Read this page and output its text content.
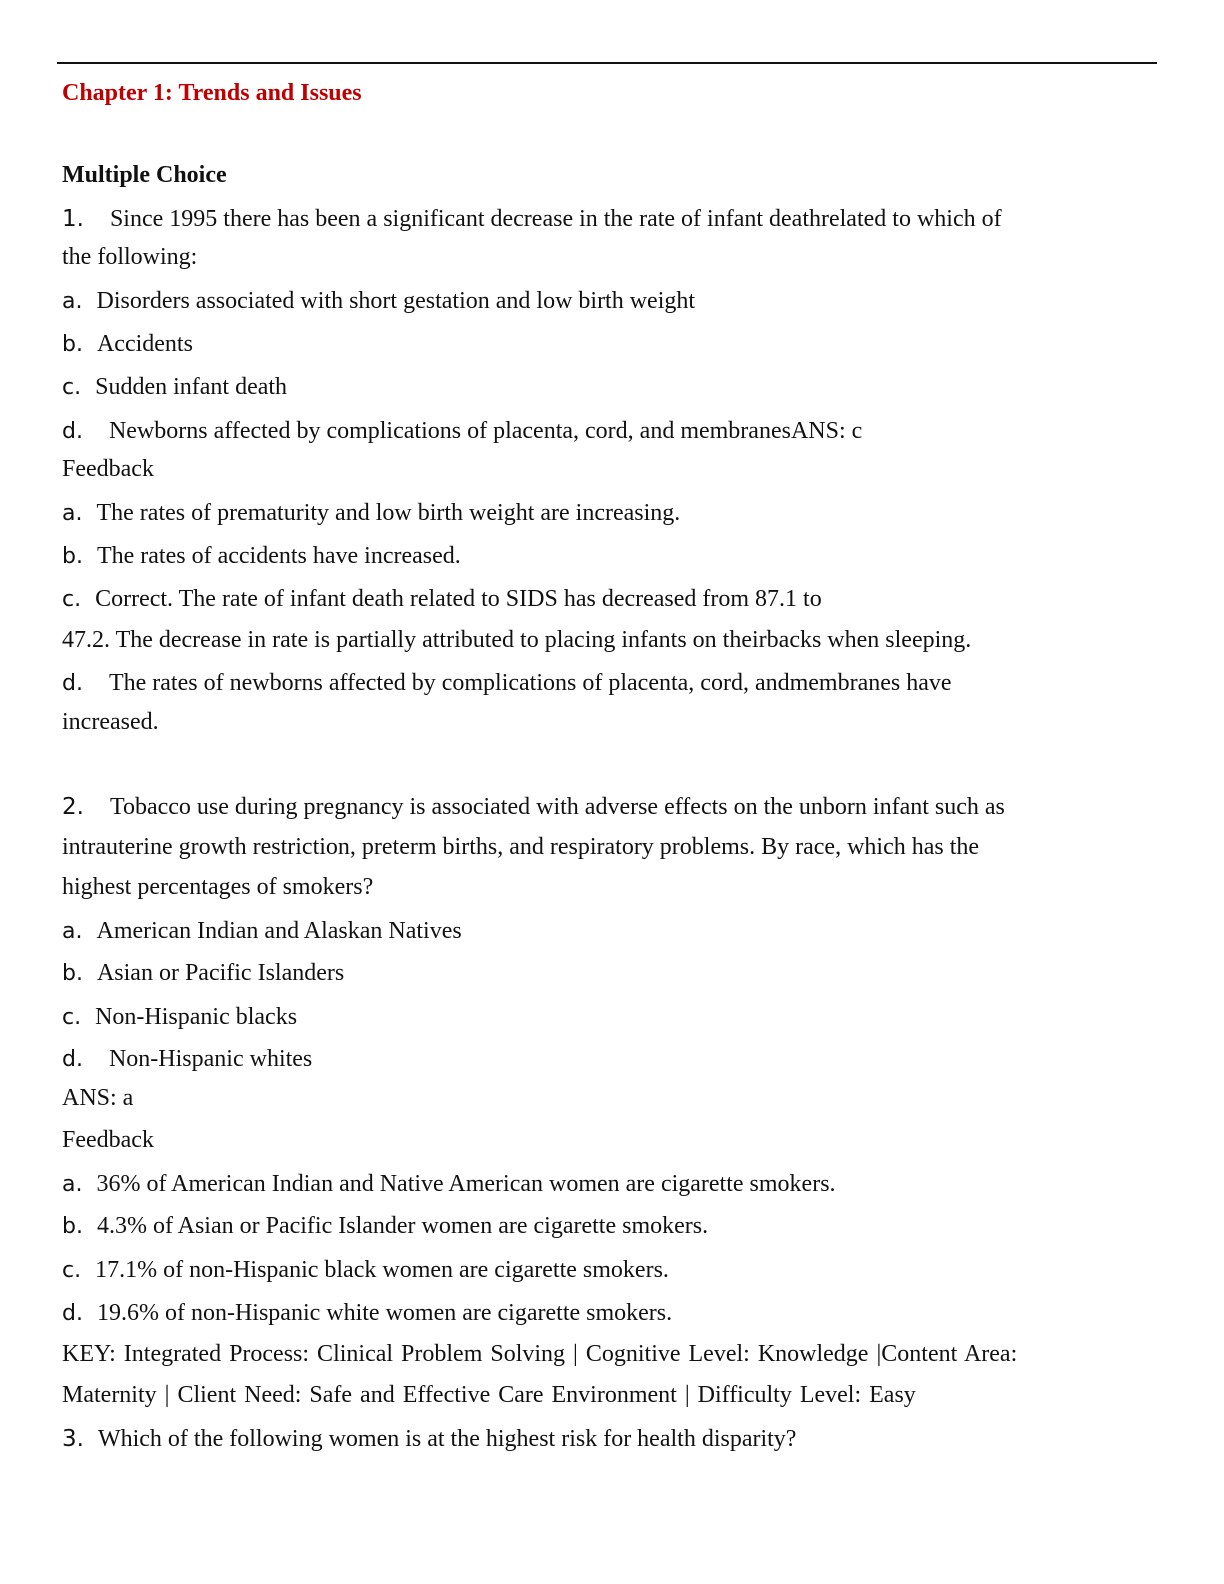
Chapter 1: Trends and Issues
Multiple Choice
1. Since 1995 there has been a significant decrease in the rate of infant deathrelated to which of
the following:
a. Disorders associated with short gestation and low birth weight
b. Accidents
c. Sudden infant death
d. Newborns affected by complications of placenta, cord, and membranesANS: c
Feedback
a. The rates of prematurity and low birth weight are increasing.
b. The rates of accidents have increased.
c. Correct. The rate of infant death related to SIDS has decreased from 87.1 to
47.2. The decrease in rate is partially attributed to placing infants on theirbacks when sleeping.
d. The rates of newborns affected by complications of placenta, cord, andmembranes have
increased.
2. Tobacco use during pregnancy is associated with adverse effects on the unborn infant such as
intrauterine growth restriction, preterm births, and respiratory problems. By race, which has the
highest percentages of smokers?
a. American Indian and Alaskan Natives
b. Asian or Pacific Islanders
c. Non-Hispanic blacks
d. Non-Hispanic whites
ANS: a
Feedback
a. 36% of American Indian and Native American women are cigarette smokers.
b. 4.3% of Asian or Pacific Islander women are cigarette smokers.
c. 17.1% of non-Hispanic black women are cigarette smokers.
d. 19.6% of non-Hispanic white women are cigarette smokers.
KEY: Integrated Process: Clinical Problem Solving | Cognitive Level: Knowledge |Content Area:
Maternity | Client Need: Safe and Effective Care Environment | Difficulty Level: Easy
3. Which of the following women is at the highest risk for health disparity?
